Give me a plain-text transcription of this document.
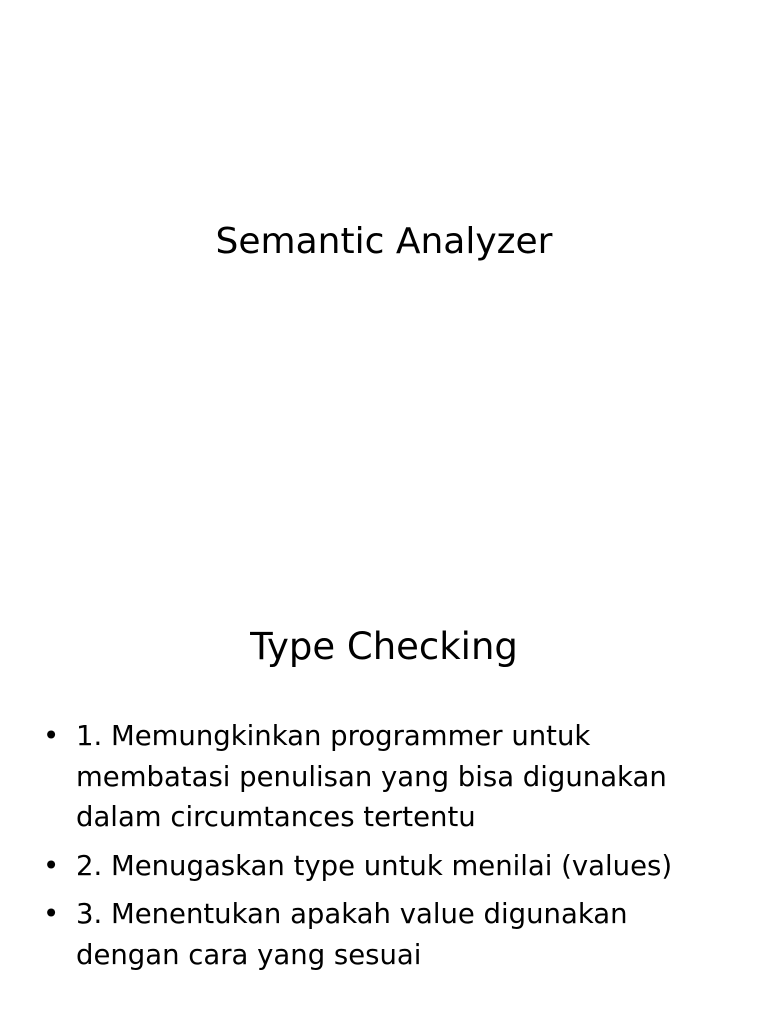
Semantic Analyzer
Type Checking
• 1. Memungkinkan programmer untuk
membatasi penulisan yang bisa digunakan
dalam circumtances tertentu
• 2. Menugaskan type untuk menilai (values)
• 3. Menentukan apakah value digunakan
dengan cara yang sesuai
